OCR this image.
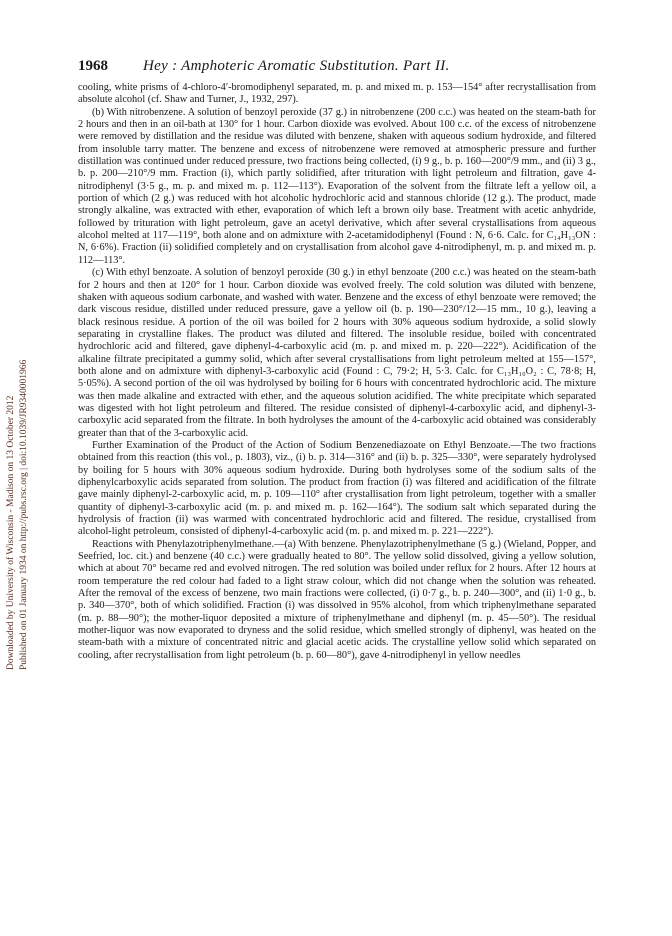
Downloaded by University of Wisconsin - Madison on 13 October 2012 Published on 01 January 1934 on http://pubs.rsc.org | doi:10.1039/JR9340001966
1968 Hey : Amphoteric Aromatic Substitution. Part II.

cooling, white prisms of 4-chloro-4′-bromodiphenyl separated, m. p. and mixed m. p. 153—154° after recrystallisation from absolute alcohol (cf. Shaw and Turner, J., 1932, 297).

(b) With nitrobenzene. A solution of benzoyl peroxide (37 g.) in nitrobenzene (200 c.c.) was heated on the steam-bath for 2 hours and then in an oil-bath at 130° for 1 hour. Carbon dioxide was evolved. About 100 c.c. of the excess of nitrobenzene were removed by distillation and the residue was diluted with benzene, shaken with aqueous sodium hydroxide, and filtered from insoluble tarry matter. The benzene and excess of nitrobenzene were removed at atmospheric pressure and further distillation was continued under reduced pressure, two fractions being collected, (i) 9 g., b. p. 160—200°/9 mm., and (ii) 3 g., b. p. 200—210°/9 mm. Fraction (i), which partly solidified, after trituration with light petroleum and filtration, gave 4-nitrodiphenyl (3·5 g., m. p. and mixed m. p. 112—113°). Evaporation of the solvent from the filtrate left a yellow oil, a portion of which (2 g.) was reduced with hot alcoholic hydrochloric acid and stannous chloride (12 g.). The product, made strongly alkaline, was extracted with ether, evaporation of which left a brown oily base. Treatment with acetic anhydride, followed by trituration with light petroleum, gave an acetyl derivative, which after several crystallisations from aqueous alcohol melted at 117—119°, both alone and on admixture with 2-acetamidodiphenyl (Found : N, 6·6. Calc. for C₁₄H₁₃ON : N, 6·6%). Fraction (ii) solidified completely and on crystallisation from alcohol gave 4-nitrodiphenyl, m. p. and mixed m. p. 112—113°.

(c) With ethyl benzoate. A solution of benzoyl peroxide (30 g.) in ethyl benzoate (200 c.c.) was heated on the steam-bath for 2 hours and then at 120° for 1 hour. Carbon dioxide was evolved freely. The cold solution was diluted with benzene, shaken with aqueous sodium carbonate, and washed with water. Benzene and the excess of ethyl benzoate were removed; the dark viscous residue, distilled under reduced pressure, gave a yellow oil (b. p. 190—230°/12—15 mm., 10 g.), leaving a black resinous residue. A portion of the oil was boiled for 2 hours with 30% aqueous sodium hydroxide, a solid slowly separating in crystalline flakes. The product was diluted and filtered. The insoluble residue, boiled with concentrated hydrochloric acid and filtered, gave diphenyl-4-carboxylic acid (m. p. and mixed m. p. 220—222°). Acidification of the alkaline filtrate precipitated a gummy solid, which after several crystallisations from light petroleum melted at 155—157°, both alone and on admixture with diphenyl-3-carboxylic acid (Found : C, 79·2; H, 5·3. Calc. for C₁₃H₁₀O₂ : C, 78·8; H, 5·05%). A second portion of the oil was hydrolysed by boiling for 6 hours with concentrated hydrochloric acid. The mixture was then made alkaline and extracted with ether, and the aqueous solution acidified. The white precipitate which separated was digested with hot light petroleum and filtered. The residue consisted of diphenyl-4-carboxylic acid, and diphenyl-3-carboxylic acid separated from the filtrate. In both hydrolyses the amount of the 4-carboxylic acid obtained was considerably greater than that of the 3-carboxylic acid.

Further Examination of the Product of the Action of Sodium Benzenediazoate on Ethyl Benzoate.—The two fractions obtained from this reaction (this vol., p. 1803), viz., (i) b. p. 314—316° and (ii) b. p. 325—330°, were separately hydrolysed by boiling for 5 hours with 30% aqueous sodium hydroxide. During both hydrolyses some of the sodium salts of the diphenylcarboxylic acids separated from solution. The product from fraction (i) was filtered and acidification of the filtrate gave mainly diphenyl-2-carboxylic acid, m. p. 109—110° after crystallisation from light petroleum, together with a smaller quantity of diphenyl-3-carboxylic acid (m. p. and mixed m. p. 162—164°). The sodium salt which separated during the hydrolysis of fraction (ii) was warmed with concentrated hydrochloric acid and filtered. The residue, crystallised from alcohol-light petroleum, consisted of diphenyl-4-carboxylic acid (m. p. and mixed m. p. 221—222°).

Reactions with Phenylazotriphenylmethane.—(a) With benzene. Phenylazotriphenylmethane (5 g.) (Wieland, Popper, and Seefried, loc. cit.) and benzene (40 c.c.) were gradually heated to 80°. The yellow solid dissolved, giving a yellow solution, which at about 70° became red and evolved nitrogen. The red solution was boiled under reflux for 2 hours. After 12 hours at room temperature the red colour had faded to a light straw colour, which did not change when the solution was reheated. After the removal of the excess of benzene, two main fractions were collected, (i) 0·7 g., b. p. 240—300°, and (ii) 1·0 g., b. p. 340—370°, both of which solidified. Fraction (i) was dissolved in 95% alcohol, from which triphenylmethane separated (m. p. 88—90°); the mother-liquor deposited a mixture of triphenylmethane and diphenyl (m. p. 45—50°). The residual mother-liquor was now evaporated to dryness and the solid residue, which smelled strongly of diphenyl, was heated on the steam-bath with a mixture of concentrated nitric and glacial acetic acids. The crystalline yellow solid which separated on cooling, after recrystallisation from light petroleum (b. p. 60—80°), gave 4-nitrodiphenyl in yellow needles
